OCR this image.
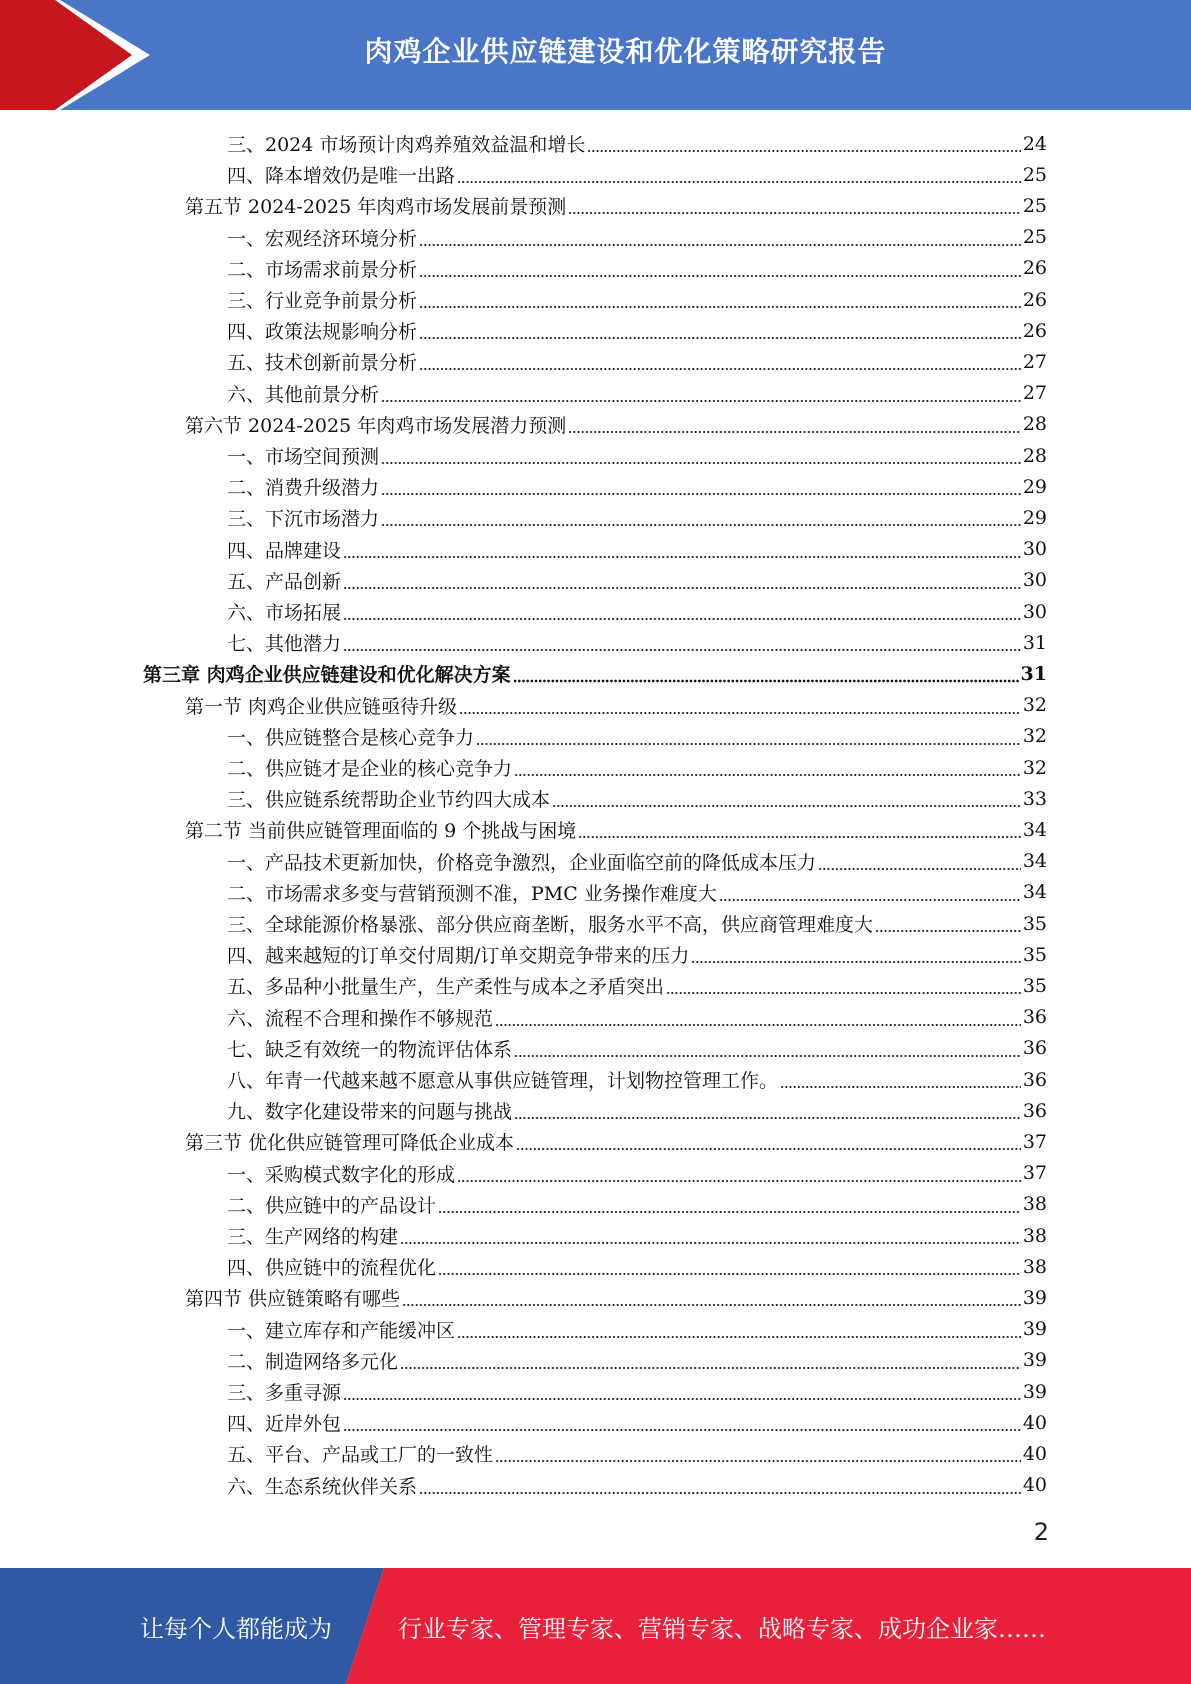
肉鸡企业供应链建设和优化策略研究报告
三、2024 市场预计肉鸡养殖效益温和增长	24
四、降本增效仍是唯一出路	25
第五节 2024-2025 年肉鸡市场发展前景预测	25
一、宏观经济环境分析	25
二、市场需求前景分析	26
三、行业竞争前景分析	26
四、政策法规影响分析	26
五、技术创新前景分析	27
六、其他前景分析	27
第六节 2024-2025 年肉鸡市场发展潜力预测	28
一、市场空间预测	28
二、消费升级潜力	29
三、下沉市场潜力	29
四、品牌建设	30
五、产品创新	30
六、市场拓展	30
七、其他潜力	31
第三章 肉鸡企业供应链建设和优化解决方案	31
第一节 肉鸡企业供应链亟待升级	32
一、供应链整合是核心竞争力	32
二、供应链才是企业的核心竞争力	32
三、供应链系统帮助企业节约四大成本	33
第二节 当前供应链管理面临的 9 个挑战与困境	34
一、产品技术更新加快，价格竞争激烈，企业面临空前的降低成本压力	34
二、市场需求多变与营销预测不准，PMC 业务操作难度大	34
三、全球能源价格暴涨、部分供应商垄断，服务水平不高，供应商管理难度大	35
四、越来越短的订单交付周期/订单交期竞争带来的压力	35
五、多品种小批量生产，生产柔性与成本之矛盾突出	35
六、流程不合理和操作不够规范	36
七、缺乏有效统一的物流评估体系	36
八、年青一代越来越不愿意从事供应链管理，计划物控管理工作。	36
九、数字化建设带来的问题与挑战	36
第三节 优化供应链管理可降低企业成本	37
一、采购模式数字化的形成	37
二、供应链中的产品设计	38
三、生产网络的构建	38
四、供应链中的流程优化	38
第四节 供应链策略有哪些	39
一、建立库存和产能缓冲区	39
二、制造网络多元化	39
三、多重寻源	39
四、近岸外包	40
五、平台、产品或工厂的一致性	40
六、生态系统伙伴关系	40
2
让每个人都能成为	行业专家、管理专家、营销专家、战略专家、成功企业家……
